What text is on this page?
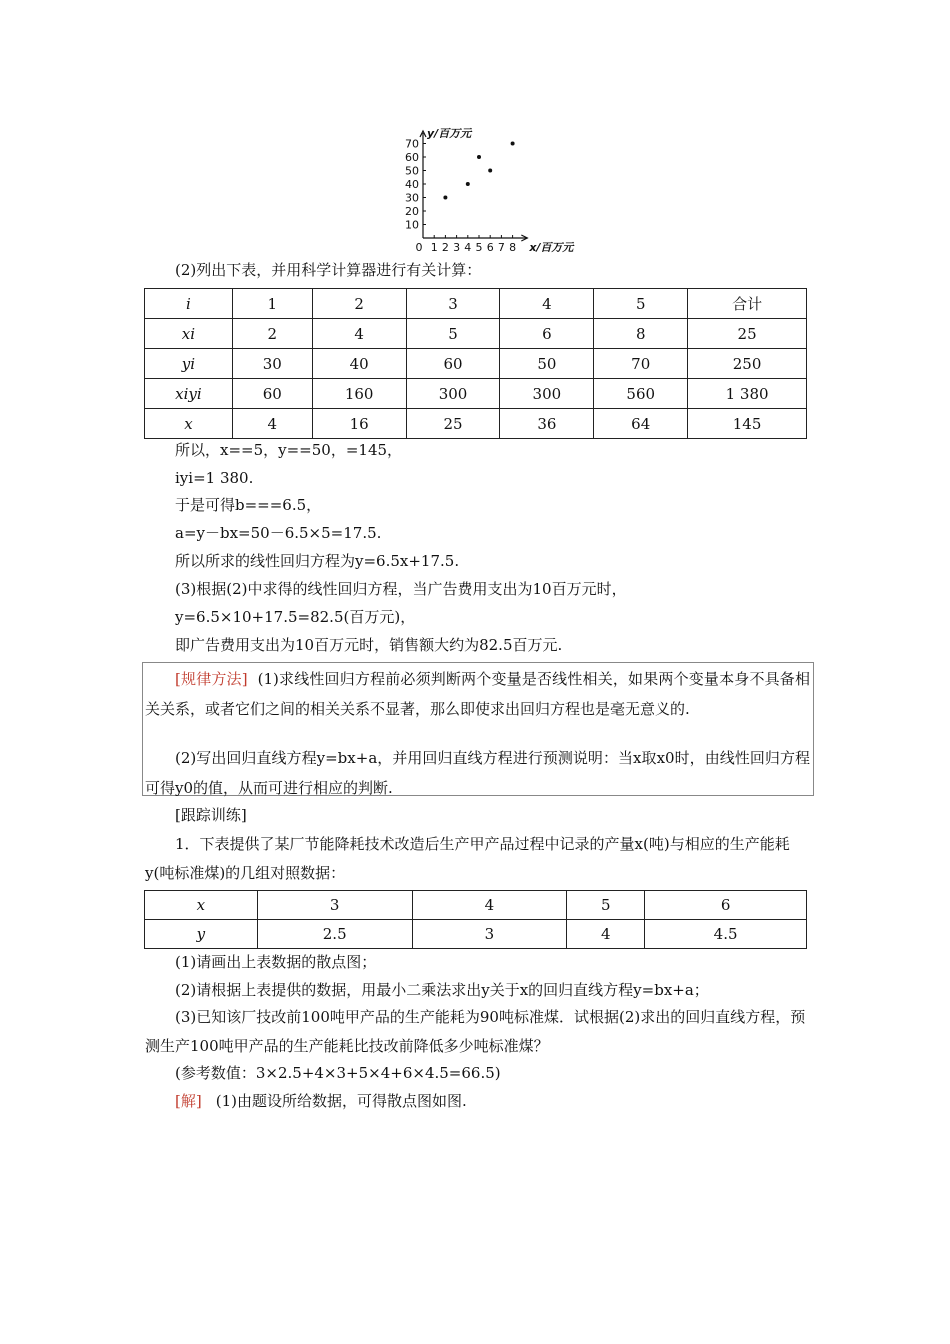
10
20
30
40
50
60
70
0 1 2 3 4 5 6 7 8
y/百万元
x/百万元
(2)列出下表，并用科学计算器进行有关计算：
i	1	2	3	4	5	合计
xi	2	4	5	6	8	25
yi	30	40	60	50	70	250
xiyi	60	160	300	300	560	1 380
x	4	16	25	36	64	145
所以，x==5，y==50，=145，
iyi=1 380.
于是可得b===6.5，
a=y－bx=50－6.5×5=17.5.
所以所求的线性回归方程为y=6.5x+17.5.
(3)根据(2)中求得的线性回归方程，当广告费用支出为10百万元时，
y=6.5×10+17.5=82.5(百万元)，
即广告费用支出为10百万元时，销售额大约为82.5百万元.
[规律方法] (1)求线性回归方程前必须判断两个变量是否线性相关，如果两个变量本身不具备相关关系，或者它们之间的相关关系不显著，那么即使求出回归方程也是毫无意义的.
(2)写出回归直线方程y=bx+a，并用回归直线方程进行预测说明：当x取x0时，由线性回归方程可得y0的值，从而可进行相应的判断.
[跟踪训练]
1．下表提供了某厂节能降耗技术改造后生产甲产品过程中记录的产量x(吨)与相应的生产能耗y(吨标准煤)的几组对照数据：
x	3	4	5	6
y	2.5	3	4	4.5
(1)请画出上表数据的散点图；
(2)请根据上表提供的数据，用最小二乘法求出y关于x的回归直线方程y=bx+a；
(3)已知该厂技改前100吨甲产品的生产能耗为90吨标准煤．试根据(2)求出的回归直线方程，预测生产100吨甲产品的生产能耗比技改前降低多少吨标准煤？
(参考数值：3×2.5+4×3+5×4+6×4.5=66.5)
[解] (1)由题设所给数据，可得散点图如图.
